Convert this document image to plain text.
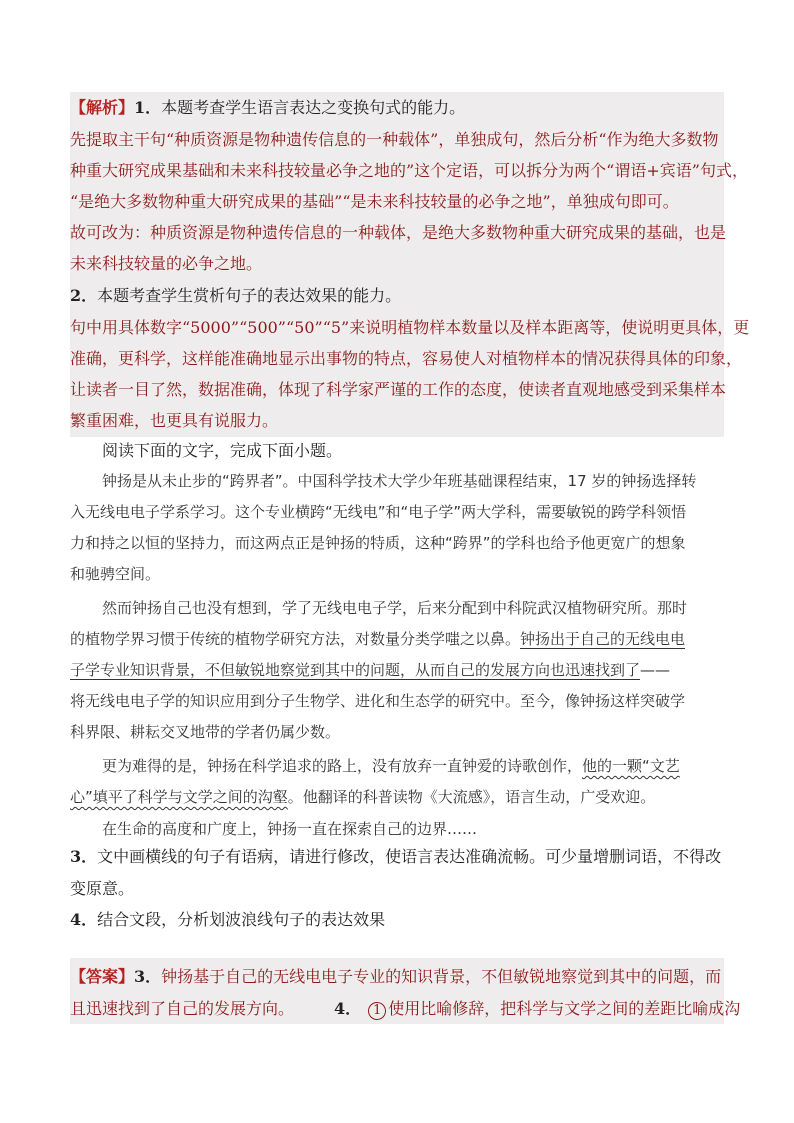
【解析】1．本题考查学生语言表达之变换句式的能力。
先提取主干句“种质资源是物种遗传信息的一种载体”，单独成句，然后分析“作为绝大多数物
种重大研究成果基础和未来科技较量必争之地的”这个定语，可以拆分为两个“谓语+宾语”句式，
“是绝大多数物种重大研究成果的基础”“是未来科技较量的必争之地”，单独成句即可。
故可改为：种质资源是物种遗传信息的一种载体，是绝大多数物种重大研究成果的基础，也是
未来科技较量的必争之地。
2．本题考查学生赏析句子的表达效果的能力。
句中用具体数字“5000”“500”“50”“5”来说明植物样本数量以及样本距离等，使说明更具体，更
准确，更科学，这样能准确地显示出事物的特点，容易使人对植物样本的情况获得具体的印象，
让读者一目了然，数据准确，体现了科学家严谨的工作的态度，使读者直观地感受到采集样本
繁重困难，也更具有说服力。
阅读下面的文字，完成下面小题。
钟扬是从未止步的“跨界者”。中国科学技术大学少年班基础课程结束，17 岁的钟扬选择转
入无线电电子学系学习。这个专业横跨“无线电”和“电子学”两大学科，需要敏锐的跨学科领悟
力和持之以恒的坚持力，而这两点正是钟扬的特质，这种“跨界”的学科也给予他更宽广的想象
和驰骋空间。
然而钟扬自己也没有想到，学了无线电电子学，后来分配到中科院武汉植物研究所。那时
的植物学界习惯于传统的植物学研究方法，对数量分类学嗤之以鼻。钟扬出于自己的无线电电
子学专业知识背景，不但敏锐地察觉到其中的问题，从而自己的发展方向也迅速找到了——
将无线电电子学的知识应用到分子生物学、进化和生态学的研究中。至今，像钟扬这样突破学
科界限、耕耘交叉地带的学者仍属少数。
更为难得的是，钟扬在科学追求的路上，没有放弃一直钟爱的诗歌创作，他的一颗“文艺
心”填平了科学与文学之间的沟壑。他翻译的科普读物《大流感》，语言生动，广受欢迎。
在生命的高度和广度上，钟扬一直在探索自己的边界……
3．文中画横线的句子有语病，请进行修改，使语言表达准确流畅。可少量增删词语，不得改
变原意。
4．结合文段，分析划波浪线句子的表达效果
【答案】3．钟扬基于自己的无线电电子专业的知识背景，不但敏锐地察觉到其中的问题，而
且迅速找到了自己的发展方向。	4． 1 使用比喻修辞，把科学与文学之间的差距比喻成沟
